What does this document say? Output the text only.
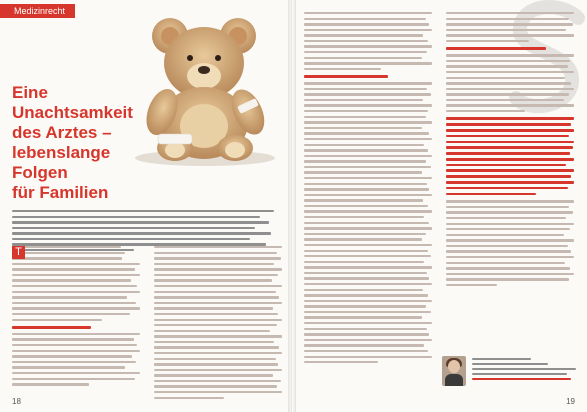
Medizinrecht
Eine
Unachtsamkeit
des Arztes –
lebenslange
Folgen
für Familien
T
18	19
